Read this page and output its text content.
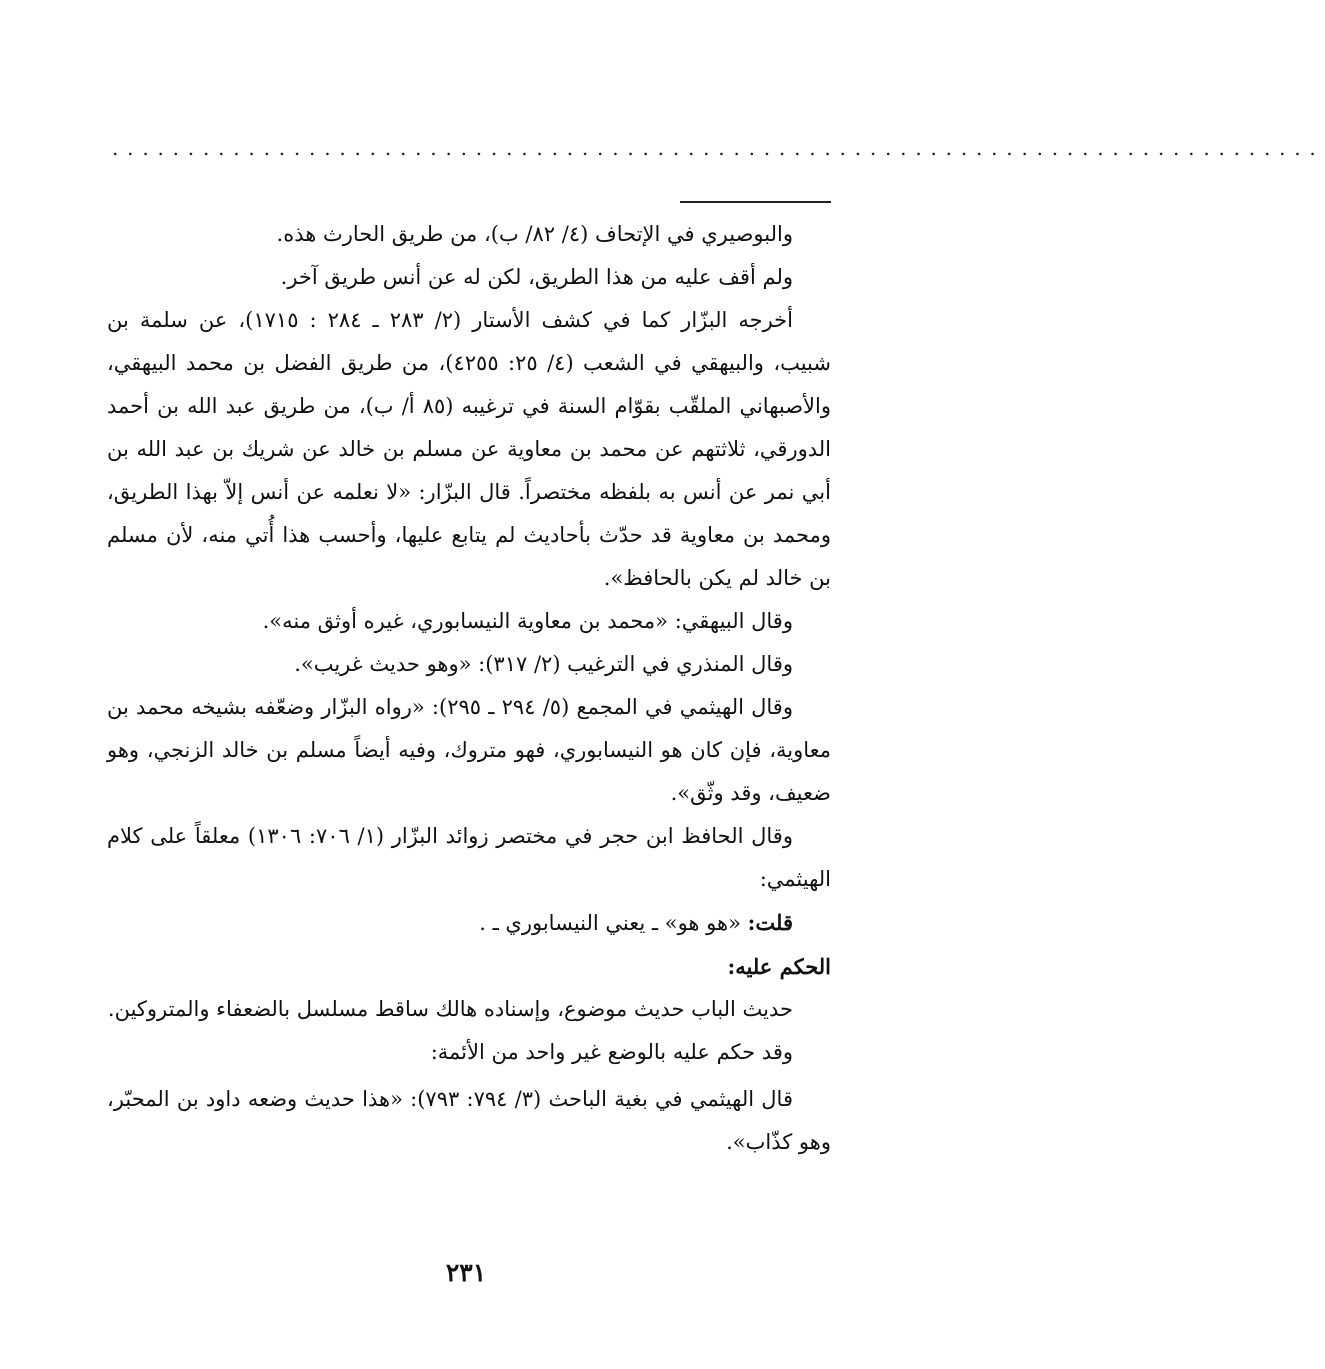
................................................................................

والبوصيري في الإتحاف (٤/ ٨٢/ ب)، من طريق الحارث هذه.

ولم أقف عليه من هذا الطريق، لكن له عن أنس طريق آخر.

أخرجه البزّار كما في كشف الأستار (٢/ ٢٨٣ ـ ٢٨٤ : ١٧١٥)، عن سلمة بن شبيب، والبيهقي في الشعب (٤/ ٢٥: ٤٢٥٥)، من طريق الفضل بن محمد البيهقي، والأصبهاني الملقّب بقوّام السنة في ترغيبه (٨٥ أ/ ب)، من طريق عبد الله بن أحمد الدورقي، ثلاثتهم عن محمد بن معاوية عن مسلم بن خالد عن شريك بن عبد الله بن أبي نمر عن أنس به بلفظه مختصراً. قال البزّار: «لا نعلمه عن أنس إلاّ بهذا الطريق، ومحمد بن معاوية قد حدّث بأحاديث لم يتابع عليها، وأحسب هذا أُتي منه، لأن مسلم بن خالد لم يكن بالحافظ».

وقال البيهقي: «محمد بن معاوية النيسابوري، غيره أوثق منه».

وقال المنذري في الترغيب (٢/ ٣١٧): «وهو حديث غريب».

وقال الهيثمي في المجمع (٥/ ٢٩٤ ـ ٢٩٥): «رواه البزّار وضعّفه بشيخه محمد بن معاوية، فإن كان هو النيسابوري، فهو متروك، وفيه أيضاً مسلم بن خالد الزنجي، وهو ضعيف، وقد وثّق».

وقال الحافظ ابن حجر في مختصر زوائد البزّار (١/ ٧٠٦: ١٣٠٦) معلقاً على كلام الهيثمي:

قلت: «هو هو» ـ يعني النيسابوري ـ .

الحكم عليه:

حديث الباب حديث موضوع، وإسناده هالك ساقط مسلسل بالضعفاء والمتروكين.

وقد حكم عليه بالوضع غير واحد من الأئمة:

قال الهيثمي في بغية الباحث (٣/ ٧٩٤: ٧٩٣): «هذا حديث وضعه داود بن المحبّر، وهو كذّاب».

٢٣١
